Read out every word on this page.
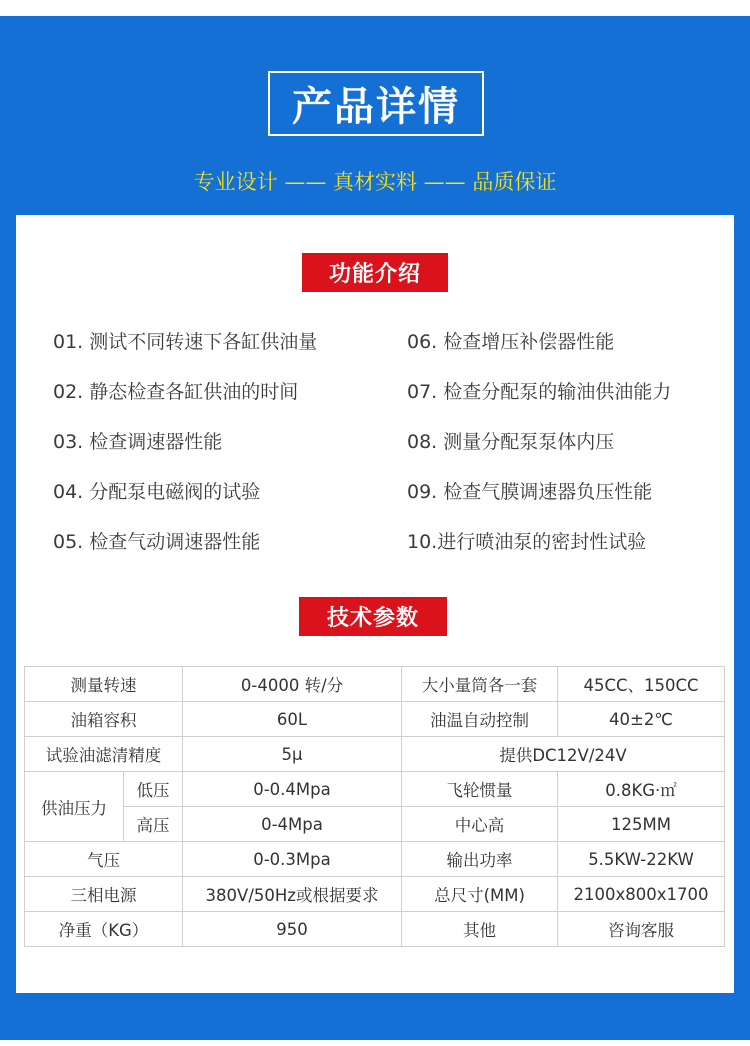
产品详情
专业设计 —— 真材实料 —— 品质保证
功能介绍
01. 测试不同转速下各缸供油量
02. 静态检查各缸供油的时间
03. 检查调速器性能
04. 分配泵电磁阀的试验
05. 检查气动调速器性能
06. 检查增压补偿器性能
07. 检查分配泵的输油供油能力
08. 测量分配泵泵体内压
09. 检查气膜调速器负压性能
10.进行喷油泵的密封性试验
技术参数
测量转速		0-4000 转/分	大小量筒各一套	45CC、150CC
油箱容积		60L	油温自动控制	40±2℃
试验油滤清精度		5μ	提供DC12V/24V	
供油压力	低压	0-0.4Mpa	飞轮惯量	0.8KG·㎡
	高压	0-4Mpa	中心高	125MM
气压		0-0.3Mpa	输出功率	5.5KW-22KW
三相电源		380V/50Hz或根据要求	总尺寸(MM)	2100x800x1700
净重（KG）		950	其他	咨询客服
